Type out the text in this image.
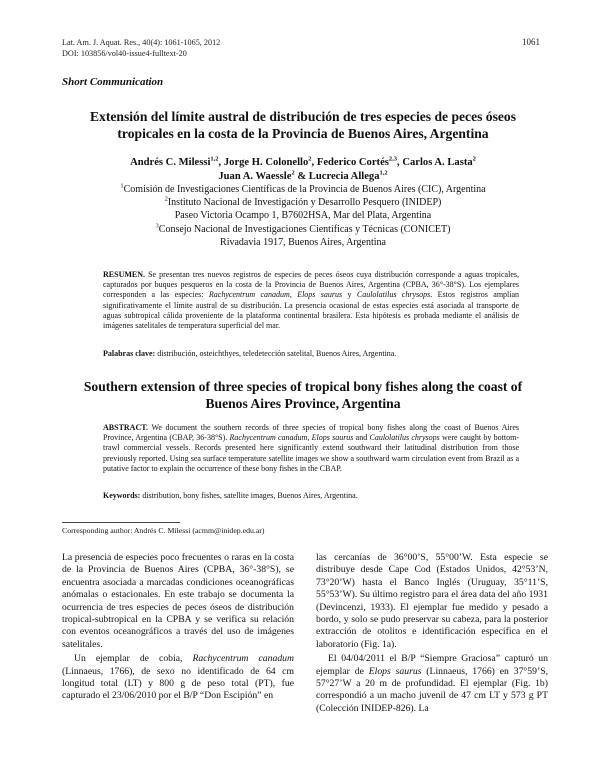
Lat. Am. J. Aquat. Res., 40(4): 1061-1065, 2012
DOI: 103856/vol40-issue4-fulltext-20
1061
Short Communication
Extensión del límite austral de distribución de tres especies de peces óseos tropicales en la costa de la Provincia de Buenos Aires, Argentina
Andrés C. Milessi$^{1,2}$, Jorge H. Colonello$^2$, Federico Cortés$^{2,3}$, Carlos A. Lasta$^2$
Juan A. Waessle$^2$ & Lucrecia Allega$^{1,2}$
$^1$Comisión de Investigaciones Científicas de la Provincia de Buenos Aires (CIC), Argentina
$^2$Instituto Nacional de Investigación y Desarrollo Pesquero (INIDEP)
Paseo Victoria Ocampo 1, B7602HSA, Mar del Plata, Argentina
$^3$Consejo Nacional de Investigaciones Científicas y Técnicas (CONICET)
Rivadavia 1917, Buenos Aires, Argentina
RESUMEN. Se presentan tres nuevos registros de especies de peces óseos cuya distribución corresponde a aguas tropicales, capturados por buques pesqueros en la costa de la Provincia de Buenos Aires, Argentina (CPBA, 36°-38°S). Los ejemplares corresponden a las especies: Rachycentrum canadum, Elops saurus y Caulolatilus chrysops. Estos registros amplían significativamente el límite austral de su distribución. La presencia ocasional de estas especies está asociada al transporte de aguas subtropical cálida proveniente de la plataforma continental brasilera. Esta hipótesis es probada mediante el análisis de imágenes satelitales de temperatura superficial del mar.
Palabras clave: distribución, osteichthyes, teledetección satelital, Buenos Aires, Argentina.
Southern extension of three species of tropical bony fishes along the coast of Buenos Aires Province, Argentina
ABSTRACT. We document the southern records of three species of tropical bony fishes along the coast of Buenos Aires Province, Argentina (CBAP, 36-38°S). Rachycentrum canadum, Elops saurus and Caulolatilus chrysops were caught by bottom-trawl commercial vessels. Records presented here significantly extend southward their latitudinal distribution from those previously reported. Using sea surface temperature satellite images we show a southward warm circulation event from Brazil as a putative factor to explain the occurrence of these bony fishes in the CBAP.
Keywords: distribution, bony fishes, satellite images, Buenos Aires, Argentina.
Corresponding author: Andrés C. Milessi (acmm@inidep.edu.ar)

La presencia de especies poco frecuentes o raras en la costa de la Provincia de Buenos Aires (CPBA, 36°-38°S), se encuentra asociada a marcadas condiciones oceanográficas anómalas o estacionales. En este trabajo se documenta la ocurrencia de tres especies de peces óseos de distribución tropical-subtropical en la CPBA y se verifica su relación con eventos oceanográficos a través del uso de imágenes satelitales.

Un ejemplar de cobia, Rachycentrum canadum (Linnaeus, 1766), de sexo no identificado de 64 cm longitud total (LT) y 800 g de peso total (PT), fue capturado el 23/06/2010 por el B/P “Don Escipión” en

las cercanías de 36°00’S, 55°00’W. Esta especie se distribuye desde Cape Cod (Estados Unidos, 42°53’N, 73°20’W) hasta el Banco Inglés (Uruguay, 35°11’S, 55°53’W). Su último registro para el área data del año 1931 (Devincenzi, 1933). El ejemplar fue medido y pesado a bordo, y solo se pudo preservar su cabeza, para la posterior extracción de otolitos e identificación específica en el laboratorio (Fig. 1a).

El 04/04/2011 el B/P “Siempre Graciosa” capturó un ejemplar de Elops saurus (Linnaeus, 1766) en 37°59’S, 57°27’W a 20 m de profundidad. El ejemplar (Fig. 1b) correspondió a un macho juvenil de 47 cm LT y 573 g PT (Colección INIDEP-826). La
